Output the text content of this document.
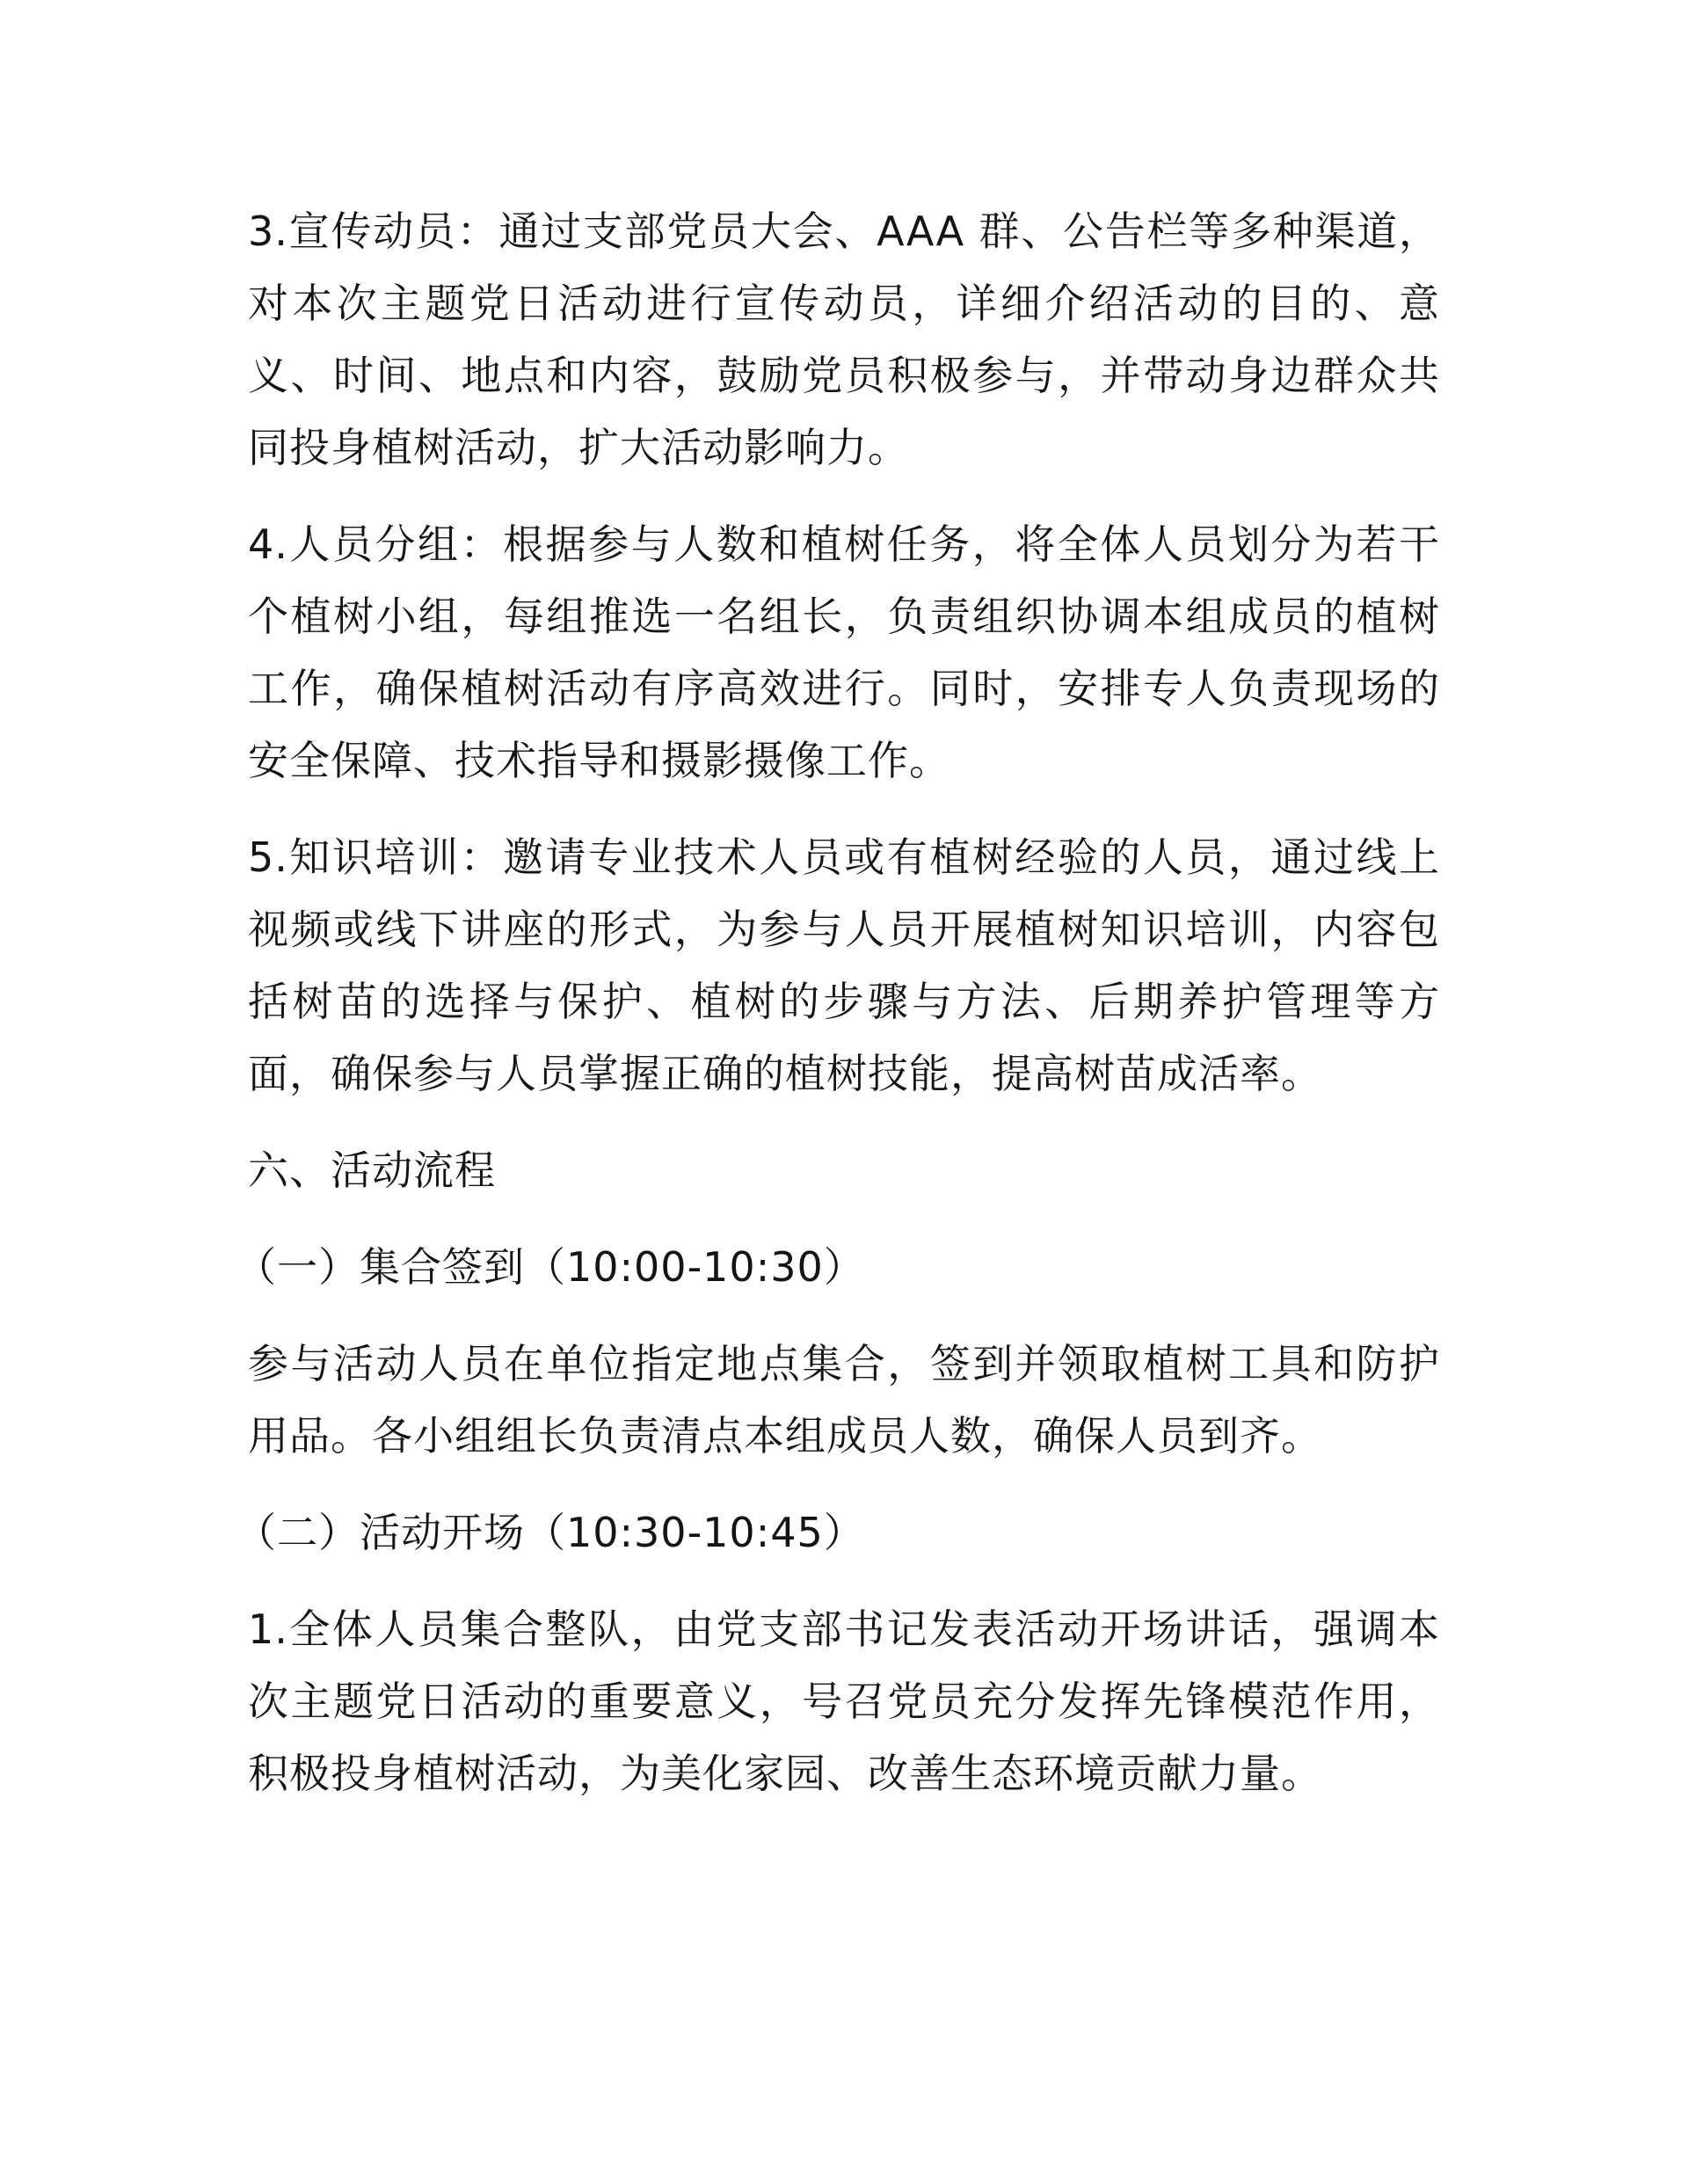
3.宣传动员：通过支部党员大会、AAA 群、公告栏等多种渠道，对本次主题党日活动进行宣传动员，详细介绍活动的目的、意义、时间、地点和内容，鼓励党员积极参与，并带动身边群众共同投身植树活动，扩大活动影响力。

4.人员分组：根据参与人数和植树任务，将全体人员划分为若干个植树小组，每组推选一名组长，负责组织协调本组成员的植树工作，确保植树活动有序高效进行。同时，安排专人负责现场的安全保障、技术指导和摄影摄像工作。

5.知识培训：邀请专业技术人员或有植树经验的人员，通过线上视频或线下讲座的形式，为参与人员开展植树知识培训，内容包括树苗的选择与保护、植树的步骤与方法、后期养护管理等方面，确保参与人员掌握正确的植树技能，提高树苗成活率。

六、活动流程

（一）集合签到（10:00-10:30）

参与活动人员在单位指定地点集合，签到并领取植树工具和防护用品。各小组组长负责清点本组成员人数，确保人员到齐。

（二）活动开场（10:30-10:45）

1.全体人员集合整队，由党支部书记发表活动开场讲话，强调本次主题党日活动的重要意义，号召党员充分发挥先锋模范作用，积极投身植树活动，为美化家园、改善生态环境贡献力量。
